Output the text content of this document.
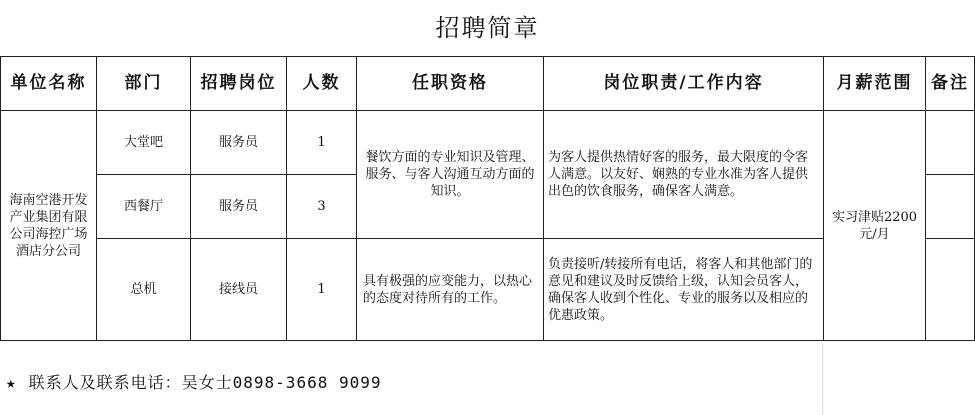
招聘简章							
单位名称	部门	招聘岗位	人数	任职资格	岗位职责/工作内容	月薪范围	备注
海南空港开发产业集团有限公司海控广场酒店分公司	大堂吧	服务员	1	餐饮方面的专业知识及管理、服务、与客人沟通互动方面的知识。	为客人提供热情好客的服务，最大限度的令客人满意。以友好、娴熟的专业水准为客人提供出色的饮食服务，确保客人满意。	实习津贴2200元/月	
	西餐厅	服务员	3				
	总机	接线员	1	具有极强的应变能力，以热心的态度对待所有的工作。	负责接听/转接所有电话，将客人和其他部门的意见和建议及时反馈给上级，认知会员客人，确保客人收到个性化、专业的服务以及相应的优惠政策。		
★ 联系人及联系电话：吴女士0898-3668 9099
